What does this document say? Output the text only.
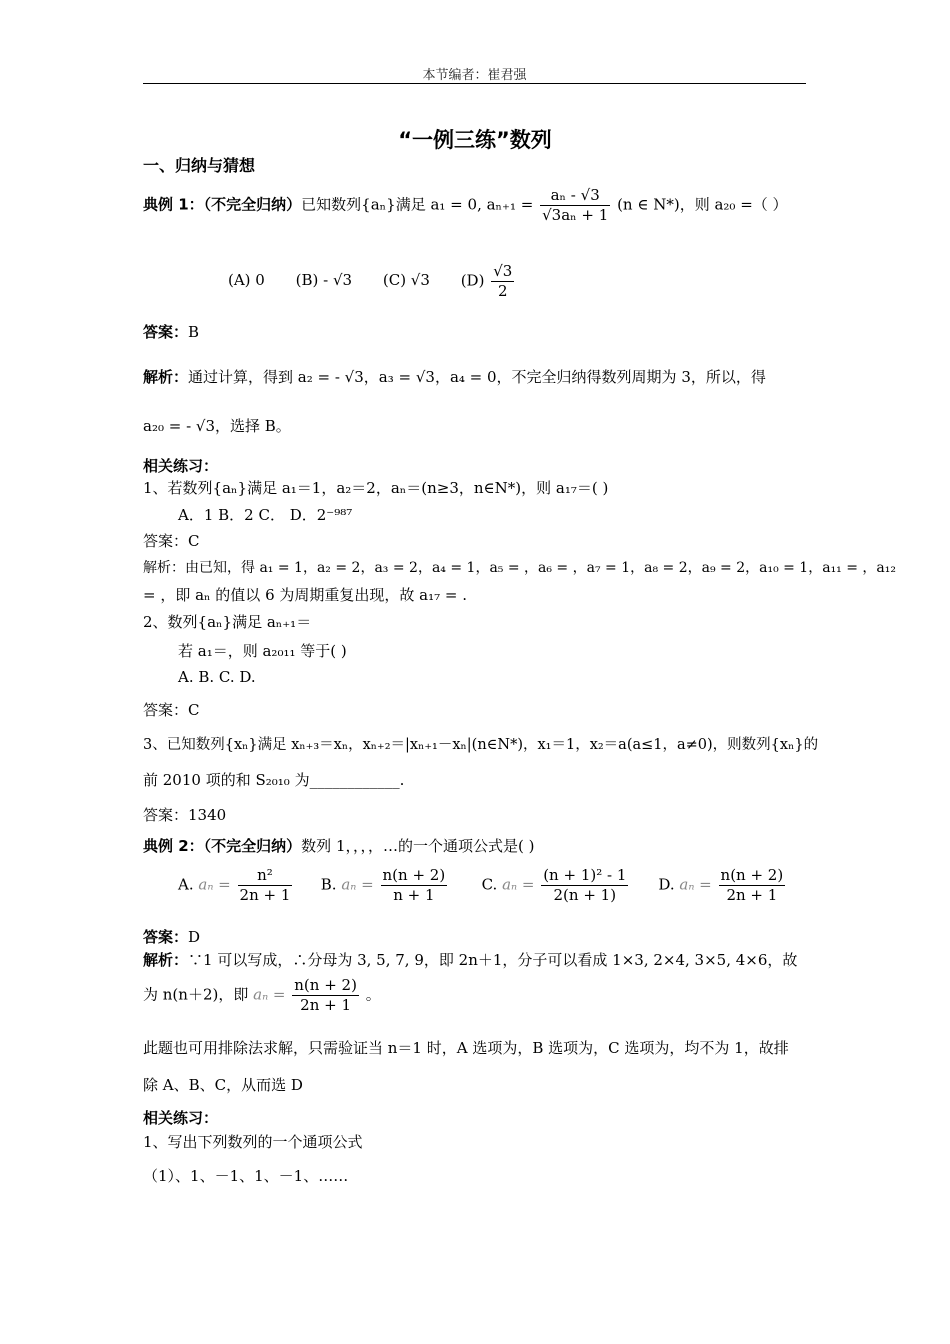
本节编者：崔君强
“一例三练”数列
一、归纳与猜想
典例 1：（不完全归纳）已知数列{aₙ}满足 a₁ = 0, $a_{n+1} = \frac{\text{aₙ - √3}}{\text{√3aₙ + 1}} (n$ ∈ N*)，则 a₂₀ =（ ）
(A) 0 (B) - √3 (C) √3 $(D) \frac{√3}{2}$
答案：B
解析：通过计算，得到 a₂ = - √3，a₃ = √3，a₄ = 0，不完全归纳得数列周期为 3，所以，得
a₂₀ = - √3，选择 B。
相关练习：
1、若数列{aₙ}满足 a₁＝1，a₂＝2，aₙ＝(n≥3，n∈N*)，则 a₁₇＝( )
A．1 B．2 C． D．2⁻⁹⁸⁷
答案：C
解析：由已知，得 a₁ = 1，a₂ = 2，a₃ = 2，a₄ = 1，a₅ = ，a₆ = ，a₇ = 1，a₈ = 2，a₉ = 2，a₁₀ = 1，a₁₁ = ，a₁₂
= ，即 aₙ 的值以 6 为周期重复出现，故 a₁₇ = .
2、数列{aₙ}满足 aₙ₊₁＝
若 a₁＝，则 a₂₀₁₁ 等于( )
A. B. C. D.
答案：C
3、已知数列{xₙ}满足 xₙ₊₃＝xₙ，xₙ₊₂＝|xₙ₊₁－xₙ|(n∈N*)，x₁＝1，x₂＝a(a≤1，a≠0)，则数列{xₙ}的
前 2010 项的和 S₂₀₁₀ 为____________.
答案：1340
典例 2：（不完全归纳）数列 1，，，，…的一个通项公式是( )
A. $a_n = \frac{\text{n²}}{2n + 1} B$. $a_n = \frac{n(n + 2)}{n + 1} C$. $a_n = \frac{\text{(n + 1)² - 1}}{2(n + 1)} D$. $a_n = \frac{n(n + 2)}{2n + 1}$
答案：D
解析：∵1 可以写成，∴分母为 3, 5, 7, 9，即 2n＋1，分子可以看成 1×3, 2×4, 3×5, 4×6，故
为 n(n＋2)，即 $a_n = \frac{n(n + 2)}{2n + 1}$ 。
此题也可用排除法求解，只需验证当 n＝1 时，A 选项为，B 选项为，C 选项为，均不为 1，故排
除 A、B、C，从而选 D
相关练习：
1、写出下列数列的一个通项公式
（1）、1、－1、1、－1、……
